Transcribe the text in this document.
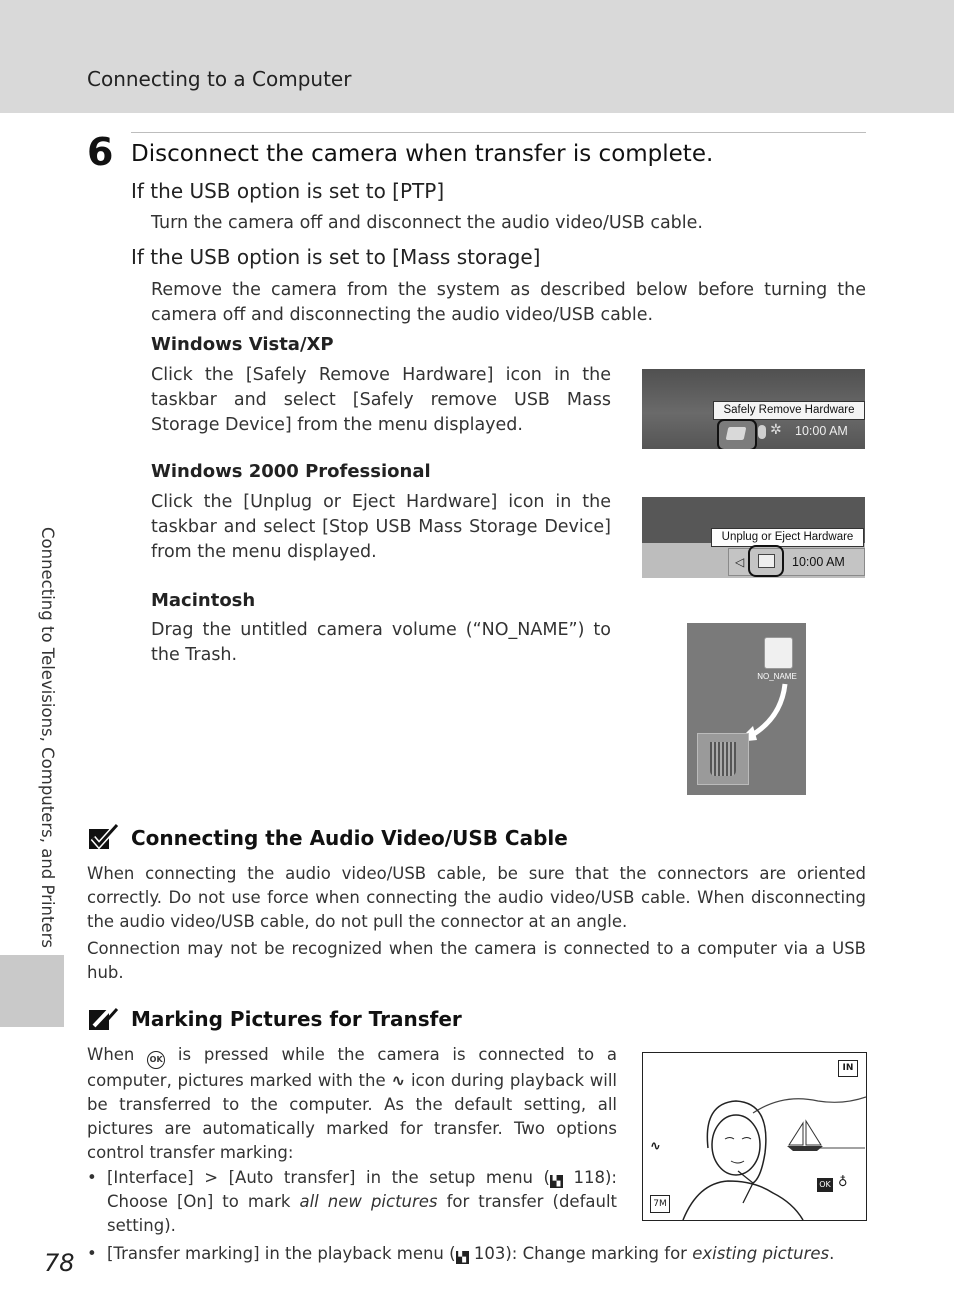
Connecting to a Computer
Connecting to Televisions, Computers, and Printers
6 Disconnect the camera when transfer is complete.
If the USB option is set to [PTP]
Turn the camera off and disconnect the audio video/USB cable.
If the USB option is set to [Mass storage]
Remove the camera from the system as described below before turning the camera off and disconnecting the audio video/USB cable.
Windows Vista/XP
Click the [Safely Remove Hardware] icon in the taskbar and select [Safely remove USB Mass Storage Device] from the menu displayed.
Windows 2000 Professional
Click the [Unplug or Eject Hardware] icon in the taskbar and select [Stop USB Mass Storage Device] from the menu displayed.
Macintosh
Drag the untitled camera volume (“NO_NAME”) to the Trash.
Safely Remove Hardware
✲ 10:00 AM
Unplug or Eject Hardware
◁	10:00 AM
NO_NAME
Connecting the Audio Video/USB Cable
When connecting the audio video/USB cable, be sure that the connectors are oriented correctly. Do not use force when connecting the audio video/USB cable. When disconnecting the audio video/USB cable, do not pull the connector at an angle.
Connection may not be recognized when the camera is connected to a computer via a USB hub.
Marking Pictures for Transfer
When OK is pressed while the camera is connected to a computer, pictures marked with the ∿ icon during playback will be transferred to the computer. As the default setting, all pictures are automatically marked for transfer. Two options control transfer marking:
• [Interface] > [Auto transfer] in the setup menu ( ▚ 118): Choose [On] to mark all new pictures for transfer (default setting).
• [Transfer marking] in the playback menu ( ▚ 103): Change marking for existing pictures.
IN
∿
OK ♁
7M
78
